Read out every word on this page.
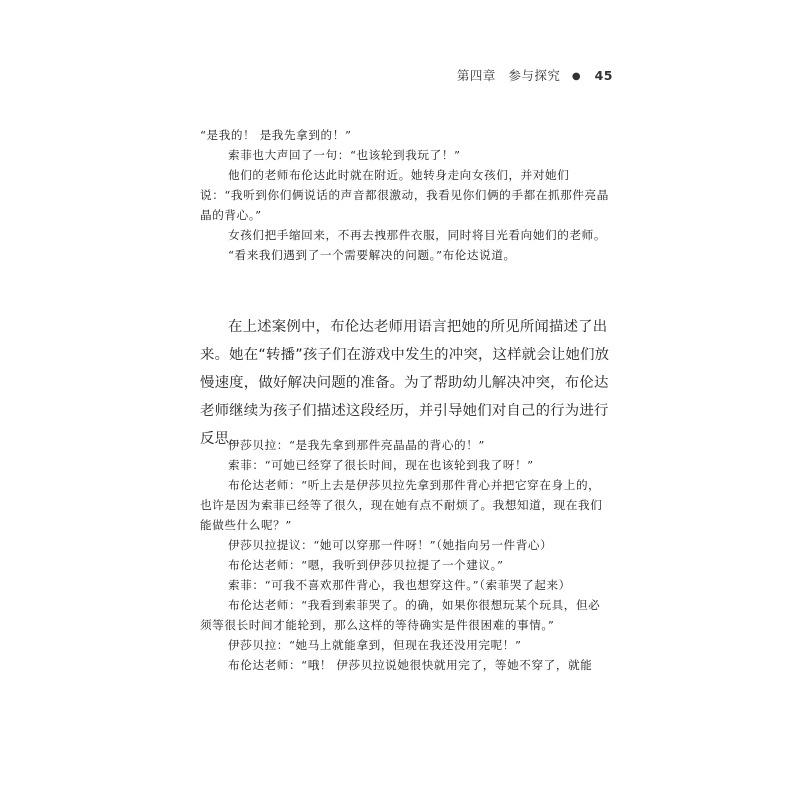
第四章 参与探究 ● 45

“是我的！ 是我先拿到的！”

索菲也大声回了一句：“也该轮到我玩了！”

他们的老师布伦达此时就在附近。她转身走向女孩们，并对她们说：“我听到你们俩说话的声音都很激动，我看见你们俩的手都在抓那件亮晶晶的背心。”

女孩们把手缩回来，不再去拽那件衣服，同时将目光看向她们的老师。

“看来我们遇到了一个需要解决的问题。”布伦达说道。

在上述案例中，布伦达老师用语言把她的所见所闻描述了出来。她在“转播”孩子们在游戏中发生的冲突，这样就会让她们放慢速度，做好解决问题的准备。为了帮助幼儿解决冲突，布伦达老师继续为孩子们描述这段经历，并引导她们对自己的行为进行反思。

伊莎贝拉：“是我先拿到那件亮晶晶的背心的！”

索菲：“可她已经穿了很长时间，现在也该轮到我了呀！”

布伦达老师：“听上去是伊莎贝拉先拿到那件背心并把它穿在身上的，也许是因为索菲已经等了很久，现在她有点不耐烦了。我想知道，现在我们能做些什么呢？”

伊莎贝拉提议：“她可以穿那一件呀！”（她指向另一件背心）

布伦达老师：“嗯，我听到伊莎贝拉提了一个建议。”

索菲：“可我不喜欢那件背心，我也想穿这件。”（索菲哭了起来）

布伦达老师：“我看到索菲哭了。的确，如果你很想玩某个玩具，但必须等很长时间才能轮到，那么这样的等待确实是件很困难的事情。”

伊莎贝拉：“她马上就能拿到，但现在我还没用完呢！”

布伦达老师：“哦！ 伊莎贝拉说她很快就用完了，等她不穿了，就能
